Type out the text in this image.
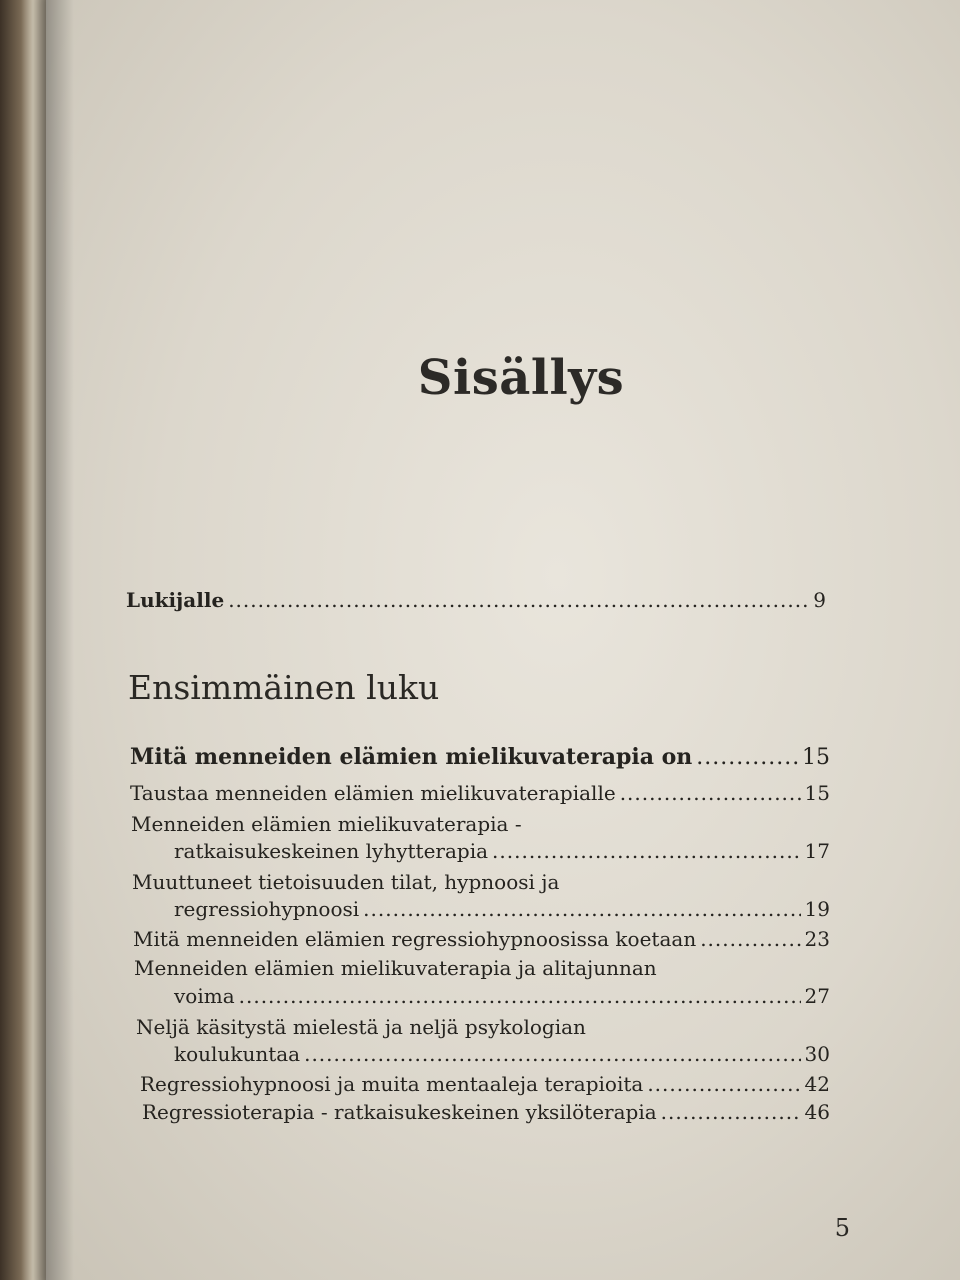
Sisällys
Lukijalle .....	9
Ensimmäinen luku
Mitä menneiden elämien mielikuvaterapia on .....	15
Taustaa menneiden elämien mielikuvaterapialle .....	15
Menneiden elämien mielikuvaterapia -
ratkaisukeskeinen lyhytterapia .....	17
Muuttuneet tietoisuuden tilat, hypnoosi ja
regressiohypnoosi .....	19
Mitä menneiden elämien regressiohypnoosissa koetaan .....	23
Menneiden elämien mielikuvaterapia ja alitajunnan
voima .....	27
Neljä käsitystä mielestä ja neljä psykologian
koulukuntaa .....	30
Regressiohypnoosi ja muita mentaaleja terapioita .....	42
Regressioterapia - ratkaisukeskeinen yksilöterapia .....	46
5
